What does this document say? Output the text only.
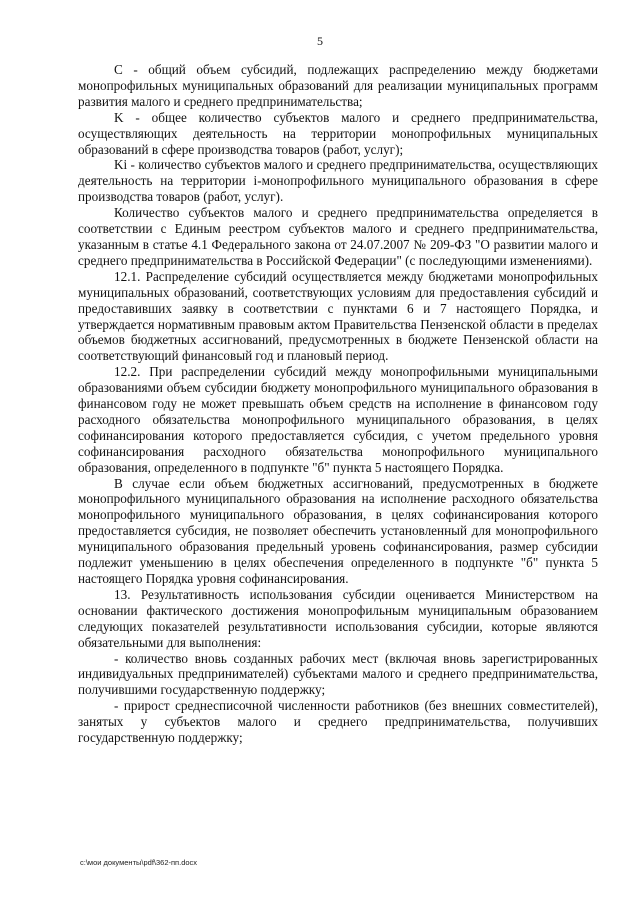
5

С - общий объем субсидий, подлежащих распределению между бюджетами монопрофильных муниципальных образований для реализации муниципальных программ развития малого и среднего предпринимательства;

K - общее количество субъектов малого и среднего предпринимательства, осуществляющих деятельность на территории монопрофильных муниципальных образований в сфере производства товаров (работ, услуг);

Ki - количество субъектов малого и среднего предпринимательства, осуществляющих деятельность на территории i-монопрофильного муниципального образования в сфере производства товаров (работ, услуг).

Количество субъектов малого и среднего предпринимательства определяется в соответствии с Единым реестром субъектов малого и среднего предпринимательства, указанным в статье 4.1 Федерального закона от 24.07.2007 № 209-ФЗ "О развитии малого и среднего предпринимательства в Российской Федерации" (с последующими изменениями).

12.1. Распределение субсидий осуществляется между бюджетами монопрофильных муниципальных образований, соответствующих условиям для предоставления субсидий и предоставивших заявку в соответствии с пунктами 6 и 7 настоящего Порядка, и утверждается нормативным правовым актом Правительства Пензенской области в пределах объемов бюджетных ассигнований, предусмотренных в бюджете Пензенской области на соответствующий финансовый год и плановый период.

12.2. При распределении субсидий между монопрофильными муниципальными образованиями объем субсидии бюджету монопрофильного муниципального образования в финансовом году не может превышать объем средств на исполнение в финансовом году расходного обязательства монопрофильного муниципального образования, в целях софинансирования которого предоставляется субсидия, с учетом предельного уровня софинансирования расходного обязательства монопрофильного муниципального образования, определенного в подпункте "б" пункта 5 настоящего Порядка.

В случае если объем бюджетных ассигнований, предусмотренных в бюджете монопрофильного муниципального образования на исполнение расходного обязательства монопрофильного муниципального образования, в целях софинансирования которого предоставляется субсидия, не позволяет обеспечить установленный для монопрофильного муниципального образования предельный уровень софинансирования, размер субсидии подлежит уменьшению в целях обеспечения определенного в подпункте "б" пункта 5 настоящего Порядка уровня софинансирования.

13. Результативность использования субсидии оценивается Министерством на основании фактического достижения монопрофильным муниципальным образованием следующих показателей результативности использования субсидии, которые являются обязательными для выполнения:

- количество вновь созданных рабочих мест (включая вновь зарегистрированных индивидуальных предпринимателей) субъектами малого и среднего предпринимательства, получившими государственную поддержку;

- прирост среднесписочной численности работников (без внешних совместителей), занятых у субъектов малого и среднего предпринимательства, получивших государственную поддержку;

c:\мои документы\pdf\362-пп.docx
